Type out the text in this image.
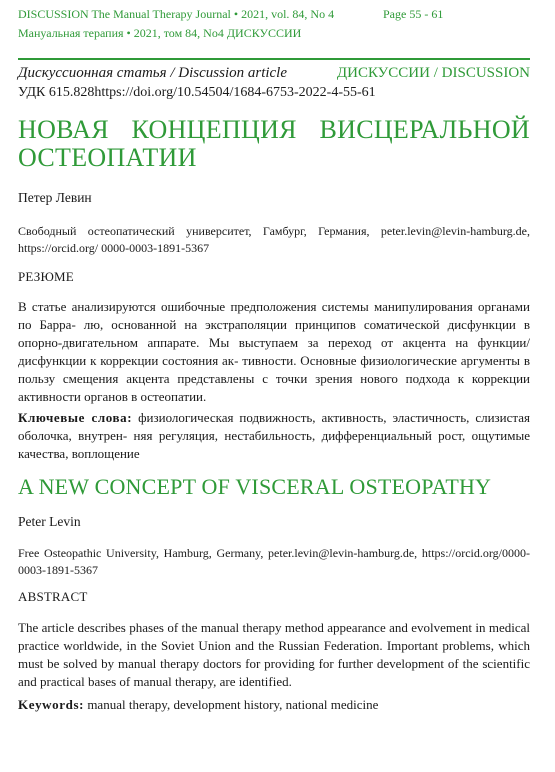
DISCUSSION The Manual Therapy Journal • 2021, vol. 84, No 4	Page 55 - 61
Мануальная терапия • 2021, том 84, No4 ДИСКУССИИ
Дискуссионная статья / Discussion article	ДИСКУССИИ / DISCUSSION
УДК 615.828https://doi.org/10.54504/1684-6753-2022-4-55-61
НОВАЯ КОНЦЕПЦИЯ ВИСЦЕРАЛЬНОЙ ОСТЕОПАТИИ
Петер Левин
Свободный остеопатический университет, Гамбург, Германия, peter.levin@levin-hamburg.de, https://orcid.org/ 0000-0003-1891-5367
РЕЗЮМЕ
В статье анализируются ошибочные предположения системы манипулирования органами по Барра- лю, основанной на экстраполяции принципов соматической дисфункции в опорно-двигательном аппарате. Мы выступаем за переход от акцента на функции/дисфункции к коррекции состояния ак- тивности. Основные физиологические аргументы в пользу смещения акцента представлены с точки зрения нового подхода к коррекции активности органов в остеопатии.
Ключевые слова: физиологическая подвижность, активность, эластичность, слизистая оболочка, внутрен- няя регуляция, нестабильность, дифференциальный рост, ощутимые качества, воплощение
A NEW CONCEPT OF VISCERAL OSTEOPATHY
Peter Levin
Free Osteopathic University, Hamburg, Germany, peter.levin@levin-hamburg.de, https://orcid.org/0000-0003-1891-5367
ABSTRACT
The article describes phases of the manual therapy method appearance and evolvement in medical practice worldwide, in the Soviet Union and the Russian Federation. Important problems, which must be solved by manual therapy doctors for providing for further development of the scientific and practical bases of manual therapy, are identified.
Keywords: manual therapy, development history, national medicine
